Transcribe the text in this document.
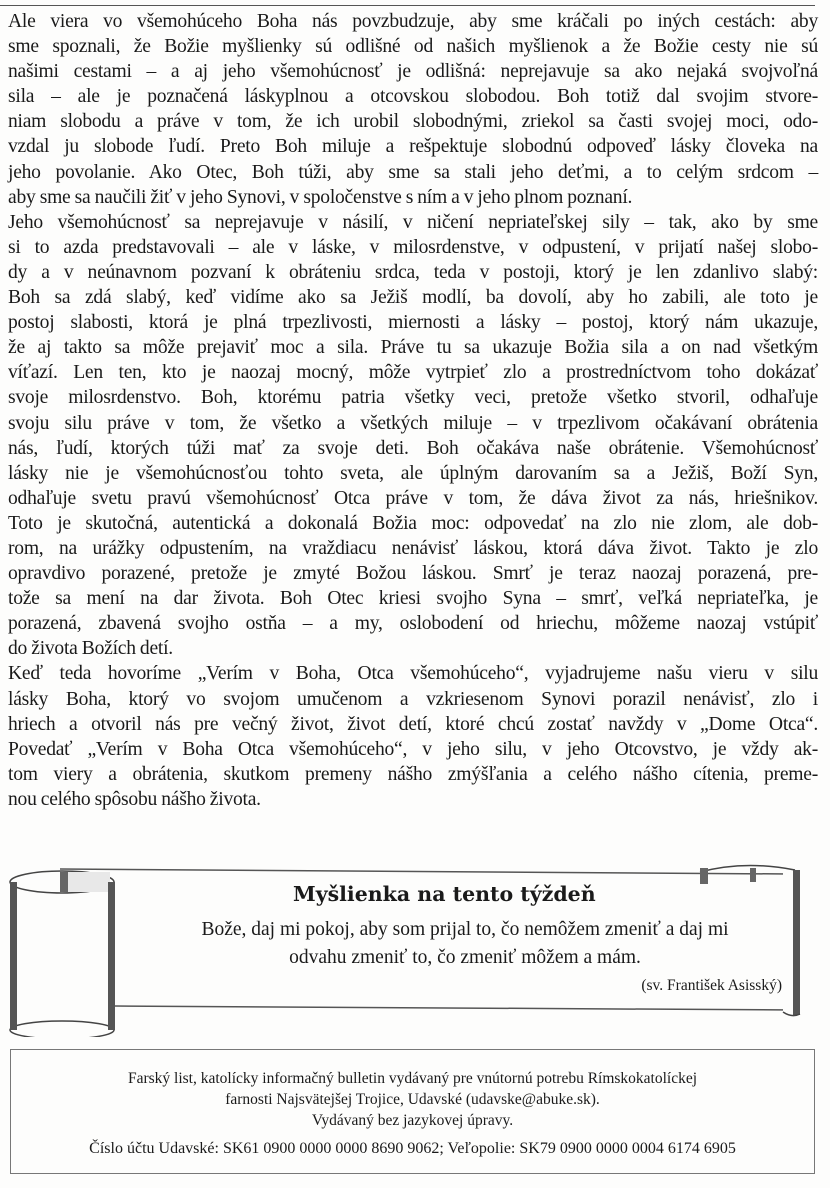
Ale viera vo všemohúceho Boha nás povzbudzuje, aby sme kráčali po iných cestách: aby
sme spoznali, že Božie myšlienky sú odlišné od našich myšlienok a že Božie cesty nie sú
našimi cestami – a aj jeho všemohúcnosť je odlišná: neprejavuje sa ako nejaká svojvoľná
sila – ale je poznačená láskyplnou a otcovskou slobodou. Boh totiž dal svojim stvore-
niam slobodu a práve v tom, že ich urobil slobodnými, zriekol sa časti svojej moci, odo-
vzdal ju slobode ľudí. Preto Boh miluje a rešpektuje slobodnú odpoveď lásky človeka na
jeho povolanie. Ako Otec, Boh túži, aby sme sa stali jeho deťmi, a to celým srdcom –
aby sme sa naučili žiť v jeho Synovi, v spoločenstve s ním a v jeho plnom poznaní.
Jeho všemohúcnosť sa neprejavuje v násilí, v ničení nepriateľskej sily – tak, ako by sme
si to azda predstavovali – ale v láske, v milosrdenstve, v odpustení, v prijatí našej slobo-
dy a v neúnavnom pozvaní k obráteniu srdca, teda v postoji, ktorý je len zdanlivo slabý:
Boh sa zdá slabý, keď vidíme ako sa Ježiš modlí, ba dovolí, aby ho zabili, ale toto je
postoj slabosti, ktorá je plná trpezlivosti, miernosti a lásky – postoj, ktorý nám ukazuje,
že aj takto sa môže prejaviť moc a sila. Práve tu sa ukazuje Božia sila a on nad všetkým
víťazí. Len ten, kto je naozaj mocný, môže vytrpieť zlo a prostredníctvom toho dokázať
svoje milosrdenstvo. Boh, ktorému patria všetky veci, pretože všetko stvoril, odhaľuje
svoju silu práve v tom, že všetko a všetkých miluje – v trpezlivom očakávaní obrátenia
nás, ľudí, ktorých túži mať za svoje deti. Boh očakáva naše obrátenie. Všemohúcnosť
lásky nie je všemohúcnosťou tohto sveta, ale úplným darovaním sa a Ježiš, Boží Syn,
odhaľuje svetu pravú všemohúcnosť Otca práve v tom, že dáva život za nás, hriešnikov.
Toto je skutočná, autentická a dokonalá Božia moc: odpovedať na zlo nie zlom, ale dob-
rom, na urážky odpustením, na vraždiacu nenávisť láskou, ktorá dáva život. Takto je zlo
opravdivo porazené, pretože je zmyté Božou láskou. Smrť je teraz naozaj porazená, pre-
tože sa mení na dar života. Boh Otec kriesi svojho Syna – smrť, veľká nepriateľka, je
porazená, zbavená svojho ostňa – a my, oslobodení od hriechu, môžeme naozaj vstúpiť
do života Božích detí.
Keď teda hovoríme „Verím v Boha, Otca všemohúceho“, vyjadrujeme našu vieru v silu
lásky Boha, ktorý vo svojom umučenom a vzkriesenom Synovi porazil nenávisť, zlo i
hriech a otvoril nás pre večný život, život detí, ktoré chcú zostať navždy v „Dome Otca“.
Povedať „Verím v Boha Otca všemohúceho“, v jeho silu, v jeho Otcovstvo, je vždy ak-
tom viery a obrátenia, skutkom premeny nášho zmýšľania a celého nášho cítenia, preme-
nou celého spôsobu nášho života.
Myšlienka na tento týždeň
Bože, daj mi pokoj, aby som prijal to, čo nemôžem zmeniť a daj mi
odvahu zmeniť to, čo zmeniť môžem a mám.
(sv. František Asisský)
Farský list, katolícky informačný bulletin vydávaný pre vnútornú potrebu Rímskokatolíckej
farnosti Najsvätejšej Trojice, Udavské (udavske@abuke.sk).
Vydávaný bez jazykovej úpravy.
Číslo účtu Udavské: SK61 0900 0000 0000 8690 9062; Veľopolie: SK79 0900 0000 0004 6174 6905
